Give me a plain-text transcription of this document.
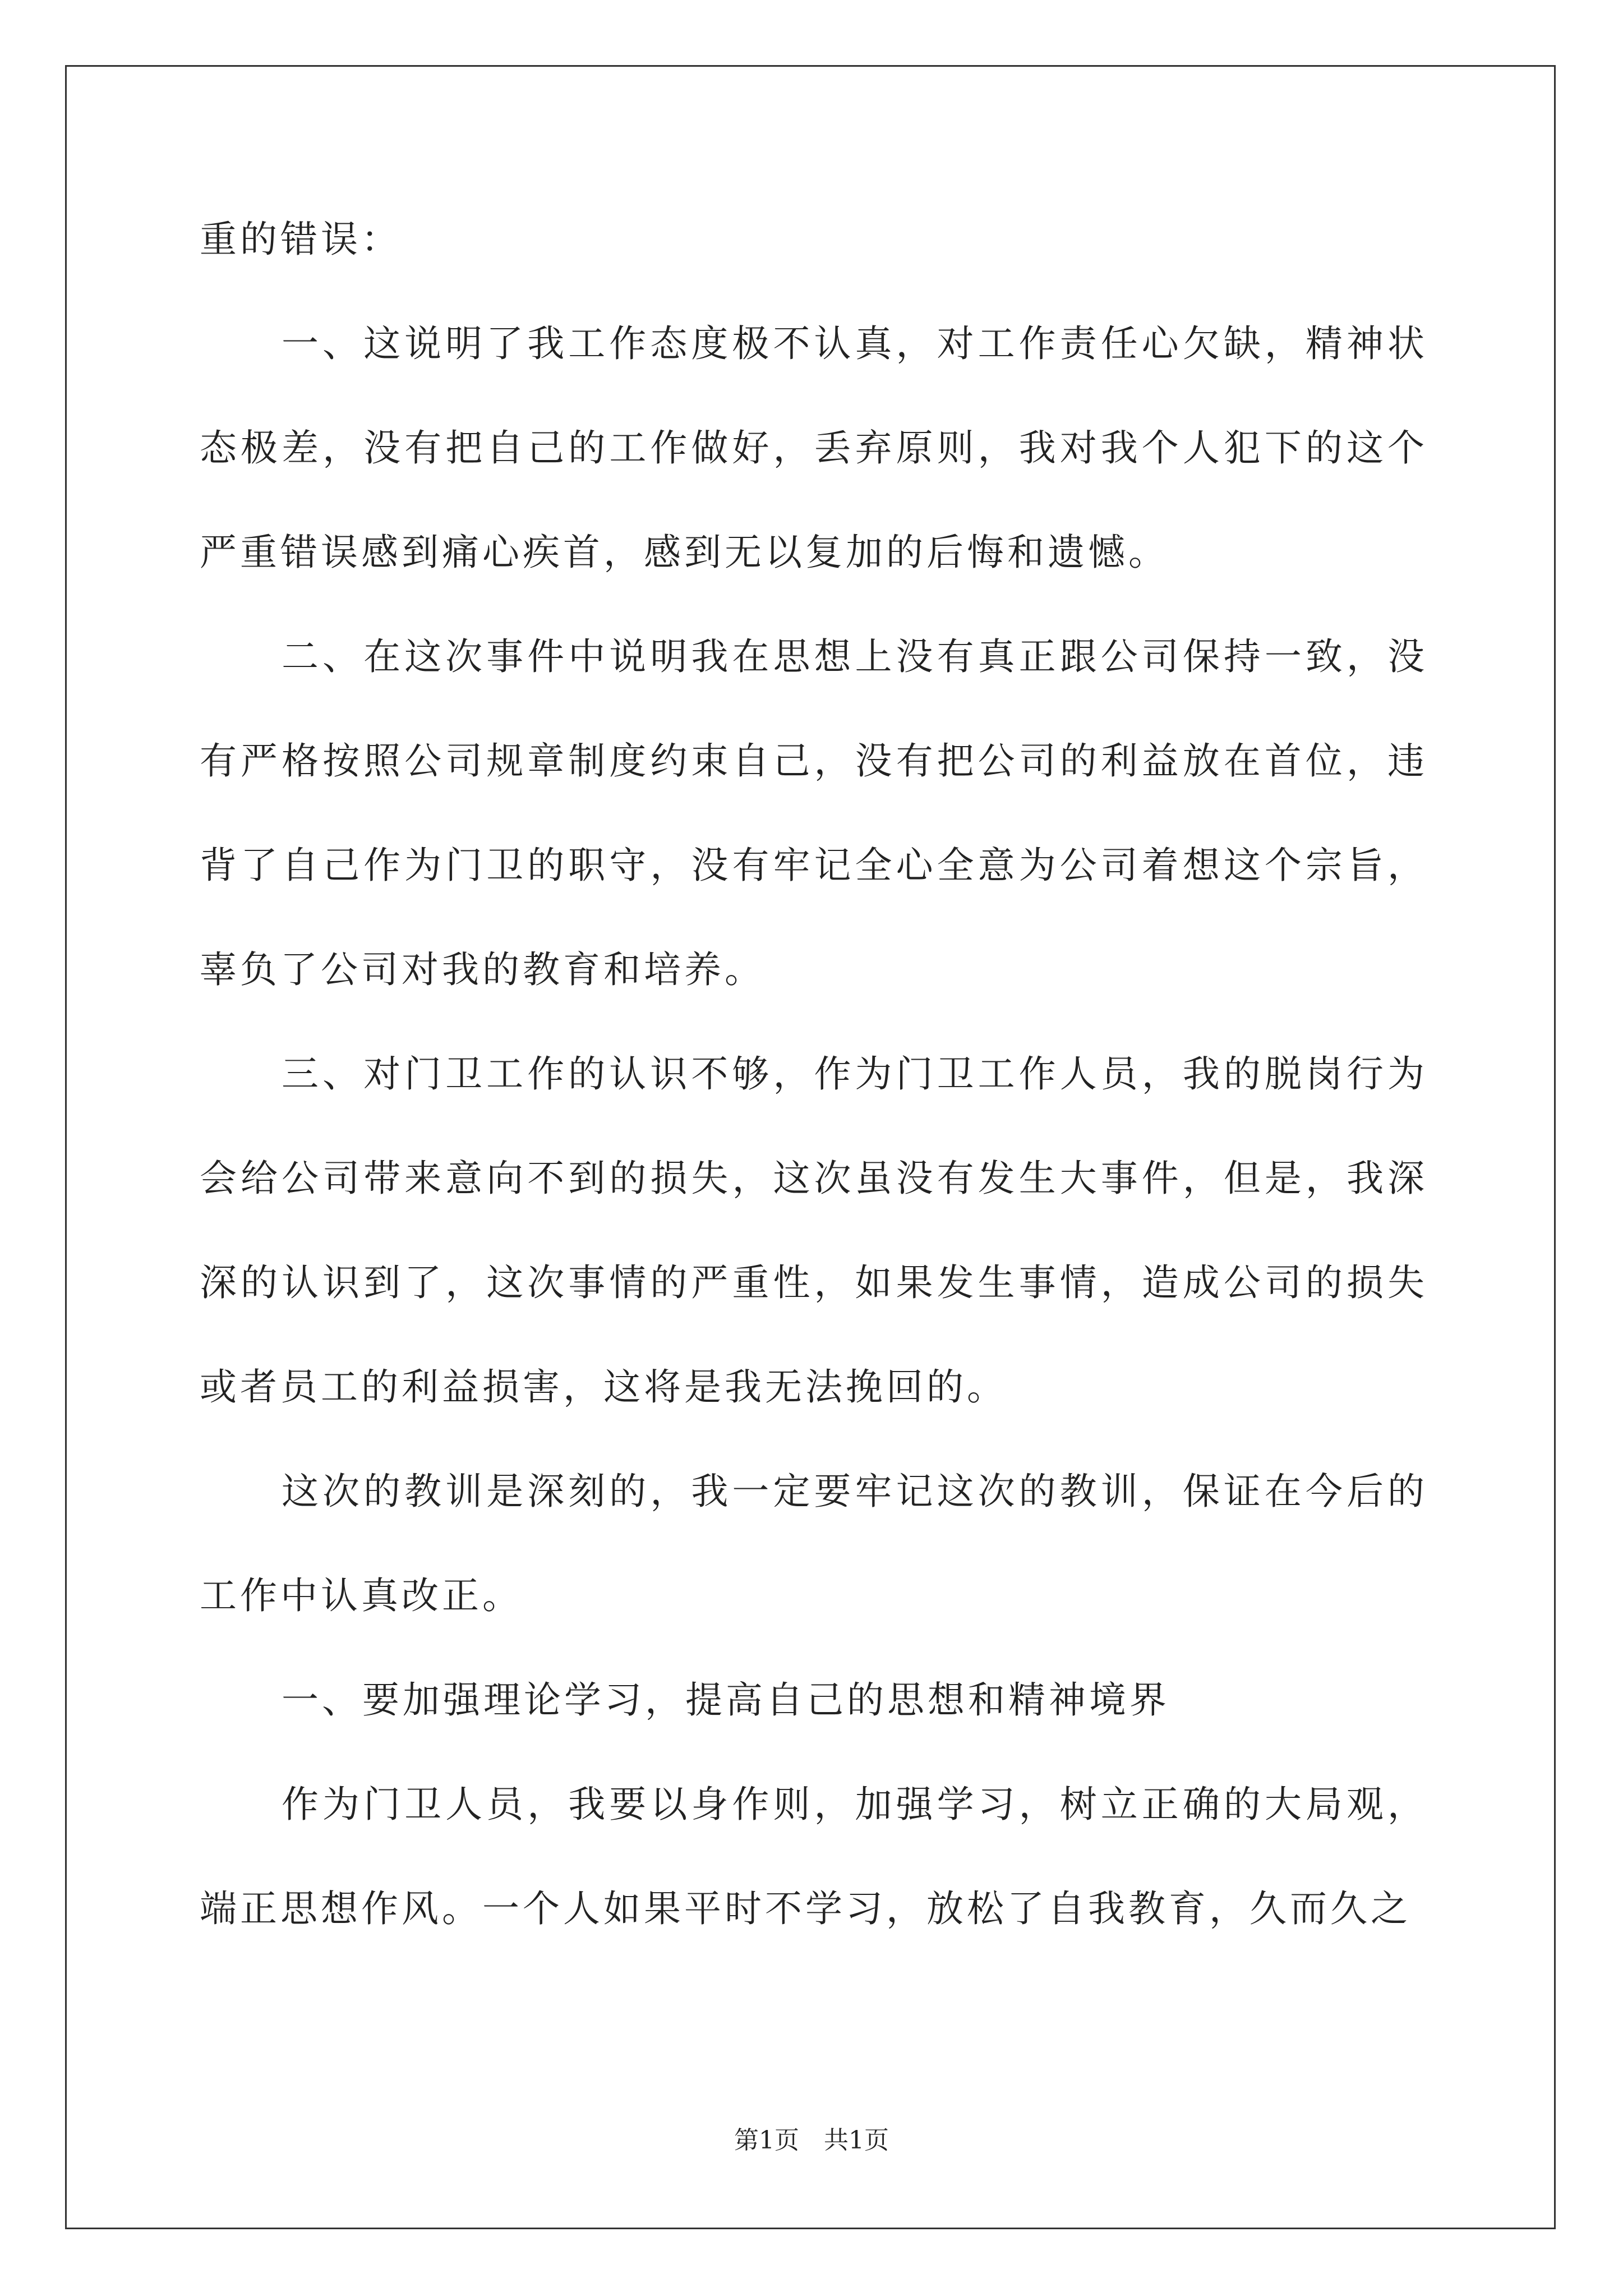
重的错误：

一、这说明了我工作态度极不认真，对工作责任心欠缺，精神状态极差，没有把自己的工作做好，丢弃原则，我对我个人犯下的这个严重错误感到痛心疾首，感到无以复加的后悔和遗憾。

二、在这次事件中说明我在思想上没有真正跟公司保持一致，没有严格按照公司规章制度约束自己，没有把公司的利益放在首位，违背了自己作为门卫的职守，没有牢记全心全意为公司着想这个宗旨，辜负了公司对我的教育和培养。

三、对门卫工作的认识不够，作为门卫工作人员，我的脱岗行为会给公司带来意向不到的损失，这次虽没有发生大事件，但是，我深深的认识到了，这次事情的严重性，如果发生事情，造成公司的损失或者员工的利益损害，这将是我无法挽回的。

这次的教训是深刻的，我一定要牢记这次的教训，保证在今后的工作中认真改正。

一、要加强理论学习，提高自己的思想和精神境界

作为门卫人员，我要以身作则，加强学习，树立正确的大局观，端正思想作风。一个人如果平时不学习，放松了自我教育，久而久之

第1页 共1页
